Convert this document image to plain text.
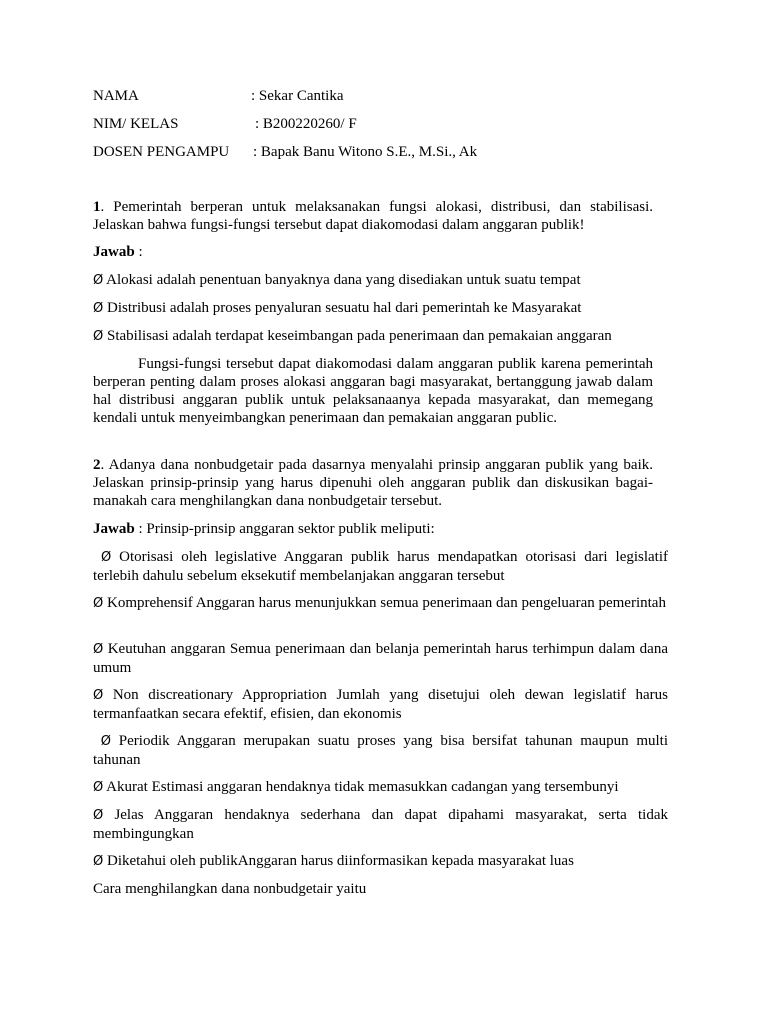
NAMA	: Sekar Cantika
NIM/ KELAS	: B200220260/ F
DOSEN PENGAMPU : Bapak Banu Witono S.E., M.Si., Ak
1. Pemerintah berperan untuk melaksanakan fungsi alokasi, distribusi, dan stabilisasi. Jelaskan bahwa fungsi-fungsi tersebut dapat diakomodasi dalam anggaran publik!
Jawab :
Ø Alokasi adalah penentuan banyaknya dana yang disediakan untuk suatu tempat
Ø Distribusi adalah proses penyaluran sesuatu hal dari pemerintah ke Masyarakat
Ø Stabilisasi adalah terdapat keseimbangan pada penerimaan dan pemakaian anggaran
Fungsi-fungsi tersebut dapat diakomodasi dalam anggaran publik karena pemerintah berperan penting dalam proses alokasi anggaran bagi masyarakat, bertanggung jawab dalam hal distribusi anggaran publik untuk pelaksanaanya kepada masyarakat, dan memegang kendali untuk menyeimbangkan penerimaan dan pemakaian anggaran public.
2. Adanya dana nonbudgetair pada dasarnya menyalahi prinsip anggaran publik yang baik. Jelaskan prinsip-prinsip yang harus dipenuhi oleh anggaran publik dan diskusikan bagai-manakah cara menghilangkan dana nonbudgetair tersebut.
Jawab : Prinsip-prinsip anggaran sektor publik meliputi:
Ø Otorisasi oleh legislative Anggaran publik harus mendapatkan otorisasi dari legislatif terlebih dahulu sebelum eksekutif membelanjakan anggaran tersebut
Ø Komprehensif Anggaran harus menunjukkan semua penerimaan dan pengeluaran pemerintah
Ø Keutuhan anggaran Semua penerimaan dan belanja pemerintah harus terhimpun dalam dana umum
Ø Non discreationary Appropriation Jumlah yang disetujui oleh dewan legislatif harus termanfaatkan secara efektif, efisien, dan ekonomis
Ø Periodik Anggaran merupakan suatu proses yang bisa bersifat tahunan maupun multi tahunan
Ø Akurat Estimasi anggaran hendaknya tidak memasukkan cadangan yang tersembunyi
Ø Jelas Anggaran hendaknya sederhana dan dapat dipahami masyarakat, serta tidak membingungkan
Ø Diketahui oleh publikAnggaran harus diinformasikan kepada masyarakat luas
Cara menghilangkan dana nonbudgetair yaitu
